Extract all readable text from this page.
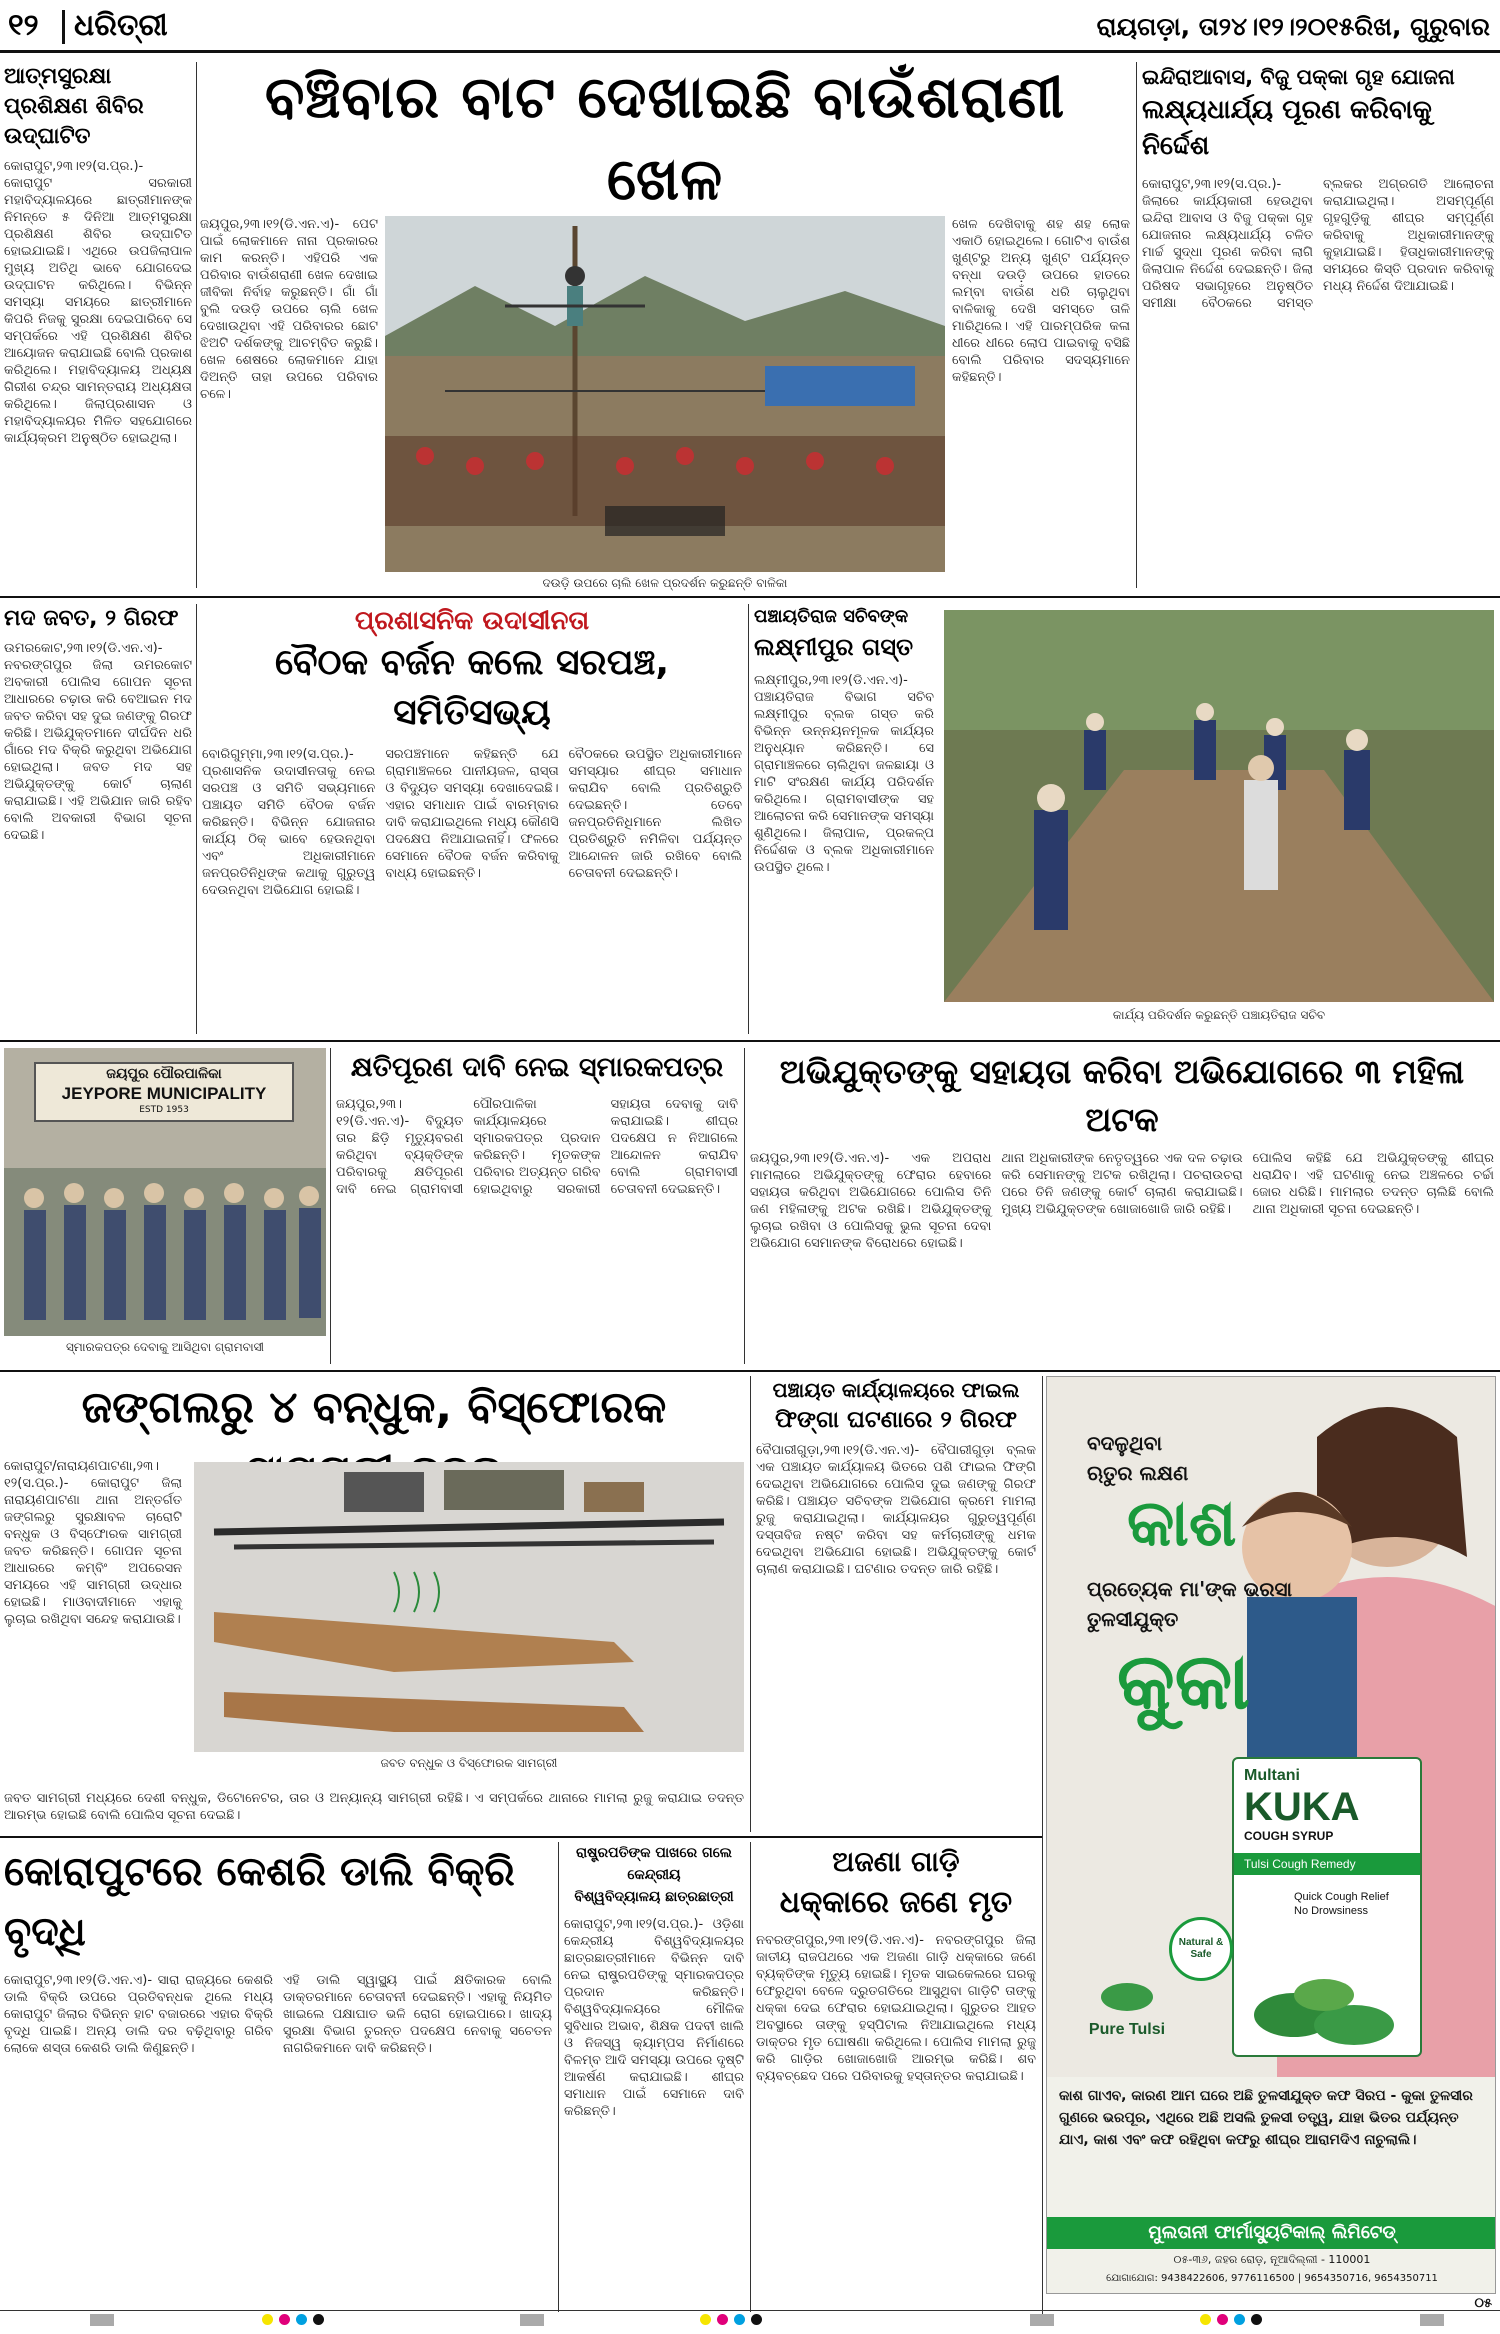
୧୨ ଧରିତ୍ରୀ	ରାୟଗଡ଼ା, ତା୨୪।୧୨।୨୦୧୫ରିଖ, ଗୁରୁବାର
ଆତ୍ମସୁରକ୍ଷା ପ୍ରଶିକ୍ଷଣ ଶିବିର ଉଦ୍‌ଘାଟିତ
କୋରାପୁଟ,୨୩।୧୨(ସ.ପ୍ର.)- କୋରାପୁଟ ସରକାରୀ ମହାବିଦ୍ୟାଳୟରେ ଛାତ୍ରୀମାନଙ୍କ ନିମନ୍ତେ ୫ ଦିନିଆ ଆତ୍ମସୁରକ୍ଷା ପ୍ରଶିକ୍ଷଣ ଶିବିର ଉଦ୍‌ଘାଟିତ ହୋଇଯାଇଛି। ଏଥିରେ ଉପଜିଲାପାଳ ମୁଖ୍ୟ ଅତିଥି ଭାବେ ଯୋଗଦେଇ ଉଦ୍‌ଘାଟନ କରିଥିଲେ। ବିଭିନ୍ନ ସମସ୍ୟା ସମୟରେ ଛାତ୍ରୀମାନେ କିପରି ନିଜକୁ ସୁରକ୍ଷା ଦେଇପାରିବେ ସେ ସମ୍ପର୍କରେ ଏହି ପ୍ରଶିକ୍ଷଣ ଶିବିର ଆୟୋଜନ କରାଯାଇଛି ବୋଲି ପ୍ରକାଶ କରିଥିଲେ। ମହାବିଦ୍ୟାଳୟ ଅଧ୍ୟକ୍ଷ ଗିରୀଶ ଚନ୍ଦ୍ର ସାମନ୍ତରାୟ ଅଧ୍ୟକ୍ଷତା କରିଥିଲେ। ଜିଲାପ୍ରଶାସନ ଓ ମହାବିଦ୍ୟାଳୟର ମିଳିତ ସହଯୋଗରେ କାର୍ଯ୍ୟକ୍ରମ ଅନୁଷ୍ଠିତ ହୋଇଥିଲା।
ବଞ୍ଚିବାର ବାଟ ଦେଖାଇଛି ବାଉଁଶରାଣୀ ଖେଳ
ଜୟପୁର,୨୩।୧୨(ଡି.ଏନ.ଏ)- ପେଟ ପାଇଁ ଲୋକମାନେ ନାନା ପ୍ରକାରର କାମ କରନ୍ତି। ଏହିପରି ଏକ ପରିବାର ବାଉଁଶରାଣୀ ଖେଳ ଦେଖାଇ ଜୀବିକା ନିର୍ବାହ କରୁଛନ୍ତି। ଗାଁ ଗାଁ ବୁଲି ଦଉଡ଼ି ଉପରେ ଚାଲି ଖେଳ ଦେଖାଉଥିବା ଏହି ପରିବାରର ଛୋଟ ଝିଅଟି ଦର୍ଶକଙ୍କୁ ଆଚମ୍ବିତ କରୁଛି। ଖେଳ ଶେଷରେ ଲୋକମାନେ ଯାହା ଦିଅନ୍ତି ତାହା ଉପରେ ପରିବାର ଚଳେ।
ଦଉଡ଼ି ଉପରେ ଚାଲି ଖେଳ ପ୍ରଦର୍ଶନ କରୁଛନ୍ତି ବାଳିକା
ଖେଳ ଦେଖିବାକୁ ଶହ ଶହ ଲୋକ ଏକାଠି ହୋଇଥିଲେ। ଗୋଟିଏ ବାଉଁଶ ଖୁଣ୍ଟରୁ ଅନ୍ୟ ଖୁଣ୍ଟ ପର୍ଯ୍ୟନ୍ତ ବନ୍ଧା ଦଉଡ଼ି ଉପରେ ହାତରେ ଲମ୍ବା ବାଉଁଶ ଧରି ଚାଲୁଥିବା ବାଳିକାକୁ ଦେଖି ସମସ୍ତେ ତାଳି ମାରିଥିଲେ। ଏହି ପାରମ୍ପରିକ କଳା ଧୀରେ ଧୀରେ ଲୋପ ପାଇବାକୁ ବସିଛି ବୋଲି ପରିବାର ସଦସ୍ୟମାନେ କହିଛନ୍ତି।
ଇନ୍ଦିରାଆବାସ, ବିଜୁ ପକ୍କା ଗୃହ ଯୋଜନା
ଲକ୍ଷ୍ୟଧାର୍ଯ୍ୟ ପୂରଣ କରିବାକୁ ନିର୍ଦ୍ଦେଶ
କୋରାପୁଟ,୨୩।୧୨(ସ.ପ୍ର.)- ଜିଲାରେ କାର୍ଯ୍ୟକାରୀ ହେଉଥିବା ଇନ୍ଦିରା ଆବାସ ଓ ବିଜୁ ପକ୍କା ଗୃହ ଯୋଜନାର ଲକ୍ଷ୍ୟଧାର୍ଯ୍ୟ ଚଳିତ ମାର୍ଚ୍ଚ ସୁଦ୍ଧା ପୂରଣ କରିବା ଲାଗି ଜିଲାପାଳ ନିର୍ଦ୍ଦେଶ ଦେଇଛନ୍ତି। ଜିଲା ପରିଷଦ ସଭାଗୃହରେ ଅନୁଷ୍ଠିତ ସମୀକ୍ଷା ବୈଠକରେ ସମସ୍ତ ବ୍ଲକର ଅଗ୍ରଗତି ଆଲୋଚନା କରାଯାଇଥିଲା। ଅସମ୍ପୂର୍ଣ୍ଣ ଗୃହଗୁଡ଼ିକୁ ଶୀଘ୍ର ସମ୍ପୂର୍ଣ୍ଣ କରିବାକୁ ଅଧିକାରୀମାନଙ୍କୁ କୁହାଯାଇଛି। ହିତାଧିକାରୀମାନଙ୍କୁ ସମୟରେ କିସ୍ତି ପ୍ରଦାନ କରିବାକୁ ମଧ୍ୟ ନିର୍ଦ୍ଦେଶ ଦିଆଯାଇଛି।
ମଦ ଜବତ, ୨ ଗିରଫ
ଉମରକୋଟ,୨୩।୧୨(ଡି.ଏନ.ଏ)- ନବରଙ୍ଗପୁର ଜିଲା ଉମରକୋଟ ଅବକାରୀ ପୋଲିସ ଗୋପନ ସୂଚନା ଆଧାରରେ ଚଢ଼ାଉ କରି ବେଆଇନ ମଦ ଜବତ କରିବା ସହ ଦୁଇ ଜଣଙ୍କୁ ଗିରଫ କରିଛି। ଅଭିଯୁକ୍ତମାନେ ଦୀର୍ଘଦିନ ଧରି ଗାଁରେ ମଦ ବିକ୍ରି କରୁଥିବା ଅଭିଯୋଗ ହୋଇଥିଲା। ଜବତ ମଦ ସହ ଅଭିଯୁକ୍ତଙ୍କୁ କୋର୍ଟ ଚାଲାଣ କରାଯାଇଛି। ଏହି ଅଭିଯାନ ଜାରି ରହିବ ବୋଲି ଅବକାରୀ ବିଭାଗ ସୂଚନା ଦେଇଛି।
ପ୍ରଶାସନିକ ଉଦାସୀନତା
ବୈଠକ ବର୍ଜନ କଲେ ସରପଞ୍ଚ, ସମିତିସଭ୍ୟ
ବୋରିଗୁମ୍ମା,୨୩।୧୨(ସ.ପ୍ର.)- ପ୍ରଶାସନିକ ଉଦାସୀନତାକୁ ନେଇ ସରପଞ୍ଚ ଓ ସମିତି ସଭ୍ୟମାନେ ପଞ୍ଚାୟତ ସମିତି ବୈଠକ ବର୍ଜନ କରିଛନ୍ତି। ବିଭିନ୍ନ ଯୋଜନାର କାର୍ଯ୍ୟ ଠିକ୍ ଭାବେ ହେଉନଥିବା ଏବଂ ଅଧିକାରୀମାନେ ଜନପ୍ରତିନିଧିଙ୍କ କଥାକୁ ଗୁରୁତ୍ୱ ଦେଉନଥିବା ଅଭିଯୋଗ ହୋଇଛି।
ସରପଞ୍ଚମାନେ କହିଛନ୍ତି ଯେ ଗ୍ରାମାଞ୍ଚଳରେ ପାନୀୟଜଳ, ରାସ୍ତା ଓ ବିଦ୍ୟୁତ ସମସ୍ୟା ଦେଖାଦେଇଛି। ଏହାର ସମାଧାନ ପାଇଁ ବାରମ୍ବାର ଦାବି କରାଯାଇଥିଲେ ମଧ୍ୟ କୌଣସି ପଦକ୍ଷେପ ନିଆଯାଇନାହିଁ। ଫଳରେ ସେମାନେ ବୈଠକ ବର୍ଜନ କରିବାକୁ ବାଧ୍ୟ ହୋଇଛନ୍ତି।
ବୈଠକରେ ଉପସ୍ଥିତ ଅଧିକାରୀମାନେ ସମସ୍ୟାର ଶୀଘ୍ର ସମାଧାନ କରାଯିବ ବୋଲି ପ୍ରତିଶ୍ରୁତି ଦେଇଛନ୍ତି। ତେବେ ଜନପ୍ରତିନିଧିମାନେ ଲିଖିତ ପ୍ରତିଶ୍ରୁତି ନମିଳିବା ପର୍ଯ୍ୟନ୍ତ ଆନ୍ଦୋଳନ ଜାରି ରଖିବେ ବୋଲି ଚେତାବନୀ ଦେଇଛନ୍ତି।
ପଞ୍ଚାୟତିରାଜ ସଚିବଙ୍କ
ଲକ୍ଷ୍ମୀପୁର ଗସ୍ତ
ଲକ୍ଷ୍ମୀପୁର,୨୩।୧୨(ଡି.ଏନ.ଏ)- ପଞ୍ଚାୟତିରାଜ ବିଭାଗ ସଚିବ ଲକ୍ଷ୍ମୀପୁର ବ୍ଲକ ଗସ୍ତ କରି ବିଭିନ୍ନ ଉନ୍ନୟନମୂଳକ କାର୍ଯ୍ୟର ଅନୁଧ୍ୟାନ କରିଛନ୍ତି। ସେ ଗ୍ରାମାଞ୍ଚଳରେ ଚାଲିଥିବା ଜଳଛାୟା ଓ ମାଟି ସଂରକ୍ଷଣ କାର୍ଯ୍ୟ ପରିଦର୍ଶନ କରିଥିଲେ। ଗ୍ରାମବାସୀଙ୍କ ସହ ଆଲୋଚନା କରି ସେମାନଙ୍କ ସମସ୍ୟା ଶୁଣିଥିଲେ। ଜିଲାପାଳ, ପ୍ରକଳ୍ପ ନିର୍ଦ୍ଦେଶକ ଓ ବ୍ଲକ ଅଧିକାରୀମାନେ ଉପସ୍ଥିତ ଥିଲେ।
କାର୍ଯ୍ୟ ପରିଦର୍ଶନ କରୁଛନ୍ତି ପଞ୍ଚାୟତିରାଜ ସଚିବ
ଜୟପୁର ପୌରପାଳିକା
JEYPORE MUNICIPALITY
ESTD 1953
ସ୍ମାରକପତ୍ର ଦେବାକୁ ଆସିଥିବା ଗ୍ରାମବାସୀ
କ୍ଷତିପୂରଣ ଦାବି ନେଇ ସ୍ମାରକପତ୍ର
ଜୟପୁର,୨୩।୧୨(ଡି.ଏନ.ଏ)- ବିଦ୍ୟୁତ ତାର ଛିଡ଼ି ମୃତ୍ୟୁବରଣ କରିଥିବା ବ୍ୟକ୍ତିଙ୍କ ପରିବାରକୁ କ୍ଷତିପୂରଣ ଦାବି ନେଇ ଗ୍ରାମବାସୀ ପୌରପାଳିକା କାର୍ଯ୍ୟାଳୟରେ ସ୍ମାରକପତ୍ର ପ୍ରଦାନ କରିଛନ୍ତି। ମୃତକଙ୍କ ପରିବାର ଅତ୍ୟନ୍ତ ଗରିବ ହୋଇଥିବାରୁ ସରକାରୀ ସହାୟତା ଦେବାକୁ ଦାବି କରାଯାଇଛି। ଶୀଘ୍ର ପଦକ୍ଷେପ ନ ନିଆଗଲେ ଆନ୍ଦୋଳନ କରାଯିବ ବୋଲି ଗ୍ରାମବାସୀ ଚେତାବନୀ ଦେଇଛନ୍ତି।
ଅଭିଯୁକ୍ତଙ୍କୁ ସହାୟତା କରିବା ଅଭିଯୋଗରେ ୩ ମହିଳା ଅଟକ
ଜୟପୁର,୨୩।୧୨(ଡି.ଏନ.ଏ)- ଏକ ଅପରାଧ ମାମଲାରେ ଅଭିଯୁକ୍ତଙ୍କୁ ଫେରାର ହେବାରେ ସହାୟତା କରିଥିବା ଅଭିଯୋଗରେ ପୋଲିସ ତିନି ଜଣ ମହିଳାଙ୍କୁ ଅଟକ ରଖିଛି। ଅଭିଯୁକ୍ତଙ୍କୁ ଲୁଚାଇ ରଖିବା ଓ ପୋଲିସକୁ ଭୁଲ ସୂଚନା ଦେବା ଅଭିଯୋଗ ସେମାନଙ୍କ ବିରୋଧରେ ହୋଇଛି।
ଥାନା ଅଧିକାରୀଙ୍କ ନେତୃତ୍ୱରେ ଏକ ଦଳ ଚଢ଼ାଉ କରି ସେମାନଙ୍କୁ ଅଟକ ରଖିଥିଲା। ପଚରାଉଚରା ପରେ ତିନି ଜଣଙ୍କୁ କୋର୍ଟ ଚାଲାଣ କରାଯାଇଛି। ମୁଖ୍ୟ ଅଭିଯୁକ୍ତଙ୍କ ଖୋଜାଖୋଜି ଜାରି ରହିଛି।
ପୋଲିସ କହିଛି ଯେ ଅଭିଯୁକ୍ତଙ୍କୁ ଶୀଘ୍ର ଧରାଯିବ। ଏହି ଘଟଣାକୁ ନେଇ ଅଞ୍ଚଳରେ ଚର୍ଚ୍ଚା ଜୋର ଧରିଛି। ମାମଲାର ତଦନ୍ତ ଚାଲିଛି ବୋଲି ଥାନା ଅଧିକାରୀ ସୂଚନା ଦେଇଛନ୍ତି।
ଜଙ୍ଗଲରୁ ୪ ବନ୍ଧୁକ, ବିସ୍ଫୋରକ
କୋରାପୁଟ/ନାରାୟଣପାଟଣା,୨୩।୧୨(ସ.ପ୍ର.)- କୋରାପୁଟ ଜିଲା ନାରାୟଣପାଟଣା ଥାନା ଅନ୍ତର୍ଗତ ଜଙ୍ଗଲରୁ ସୁରକ୍ଷାବଳ ଚାରୋଟି ବନ୍ଧୁକ ଓ ବିସ୍ଫୋରକ ସାମଗ୍ରୀ ଜବତ କରିଛନ୍ତି। ଗୋପନ ସୂଚନା ଆଧାରରେ କମ୍ବିଂ ଅପରେସନ ସମୟରେ ଏହି ସାମଗ୍ରୀ ଉଦ୍ଧାର ହୋଇଛି। ମାଓବାଦୀମାନେ ଏହାକୁ ଲୁଚାଇ ରଖିଥିବା ସନ୍ଦେହ କରାଯାଉଛି।
ଜବତ ବନ୍ଧୁକ ଓ ବିସ୍ଫୋରକ ସାମଗ୍ରୀ
ଜବତ ସାମଗ୍ରୀ ମଧ୍ୟରେ ଦେଶୀ ବନ୍ଧୁକ, ଡିଟୋନେଟର, ତାର ଓ ଅନ୍ୟାନ୍ୟ ସାମଗ୍ରୀ ରହିଛି। ଏ ସମ୍ପର୍କରେ ଥାନାରେ ମାମଲା ରୁଜୁ କରାଯାଇ ତଦନ୍ତ ଆରମ୍ଭ ହୋଇଛି ବୋଲି ପୋଲିସ ସୂଚନା ଦେଇଛି।
ପଞ୍ଚାୟତ କାର୍ଯ୍ୟାଳୟରେ ଫାଇଲ
ଫିଙ୍ଗା ଘଟଣାରେ ୨ ଗିରଫ
ବୈପାରୀଗୁଡ଼ା,୨୩।୧୨(ଡି.ଏନ.ଏ)- ବୈପାରୀଗୁଡ଼ା ବ୍ଲକ ଏକ ପଞ୍ଚାୟତ କାର୍ଯ୍ୟାଳୟ ଭିତରେ ପଶି ଫାଇଲ ଫିଙ୍ଗି ଦେଇଥିବା ଅଭିଯୋଗରେ ପୋଲିସ ଦୁଇ ଜଣଙ୍କୁ ଗିରଫ କରିଛି। ପଞ୍ଚାୟତ ସଚିବଙ୍କ ଅଭିଯୋଗ କ୍ରମେ ମାମଲା ରୁଜୁ କରାଯାଇଥିଲା। କାର୍ଯ୍ୟାଳୟର ଗୁରୁତ୍ୱପୂର୍ଣ୍ଣ ଦସ୍ତାବିଜ ନଷ୍ଟ କରିବା ସହ କର୍ମଚାରୀଙ୍କୁ ଧମକ ଦେଇଥିବା ଅଭିଯୋଗ ହୋଇଛି। ଅଭିଯୁକ୍ତଙ୍କୁ କୋର୍ଟ ଚାଲାଣ କରାଯାଇଛି। ଘଟଣାର ତଦନ୍ତ ଜାରି ରହିଛି।
ବଦଳୁଥିବା
ଋତୁର ଲକ୍ଷଣ
କାଶ
ପ୍ରତ୍ୟେକ ମା'ଙ୍କ ଭରସା
ତୁଳସୀଯୁକ୍ତ
କୁକା
Multani
KUKA
COUGH SYRUP
Tulsi Cough Remedy
Quick Cough Relief
No Drowsiness
Pure Tulsi
Natural & Safe
କାଶ ଗାଏବ, କାରଣ ଆମ ଘରେ ଅଛି ତୁଳସୀଯୁକ୍ତ କଫ ସିରପ - କୁକା ତୁଳସୀର ଗୁଣରେ ଭରପୂର, ଏଥିରେ ଅଛି ଅସଲି ତୁଳସୀ ତତ୍ତ୍ୱ, ଯାହା ଭିତର ପର୍ଯ୍ୟନ୍ତ ଯାଏ, କାଶ ଏବଂ କଫ ରହିଥିବା କଫରୁ ଶୀଘ୍ର ଆରାମଦିଏ ନାଚୁଲାଲି।
ମୁଲତାନୀ ଫାର୍ମାସ୍ୟୁଟିକାଲ୍ ଲିମିଟେଡ୍
୦୫-୩୬, ଜହର ରୋଡ଼, ନୂଆଦିଲ୍ଲୀ - 110001
ଯୋଗାଯୋଗ: 9438422606, 9776116500 | 9654350716, 9654350711
କୋରାପୁଟରେ କେଶରି ଡାଲି ବିକ୍ରି ବୃଦ୍ଧି
କୋରାପୁଟ,୨୩।୧୨(ଡି.ଏନ.ଏ)- ସାରା ରାଜ୍ୟରେ କେଶରି ଡାଲି ବିକ୍ରି ଉପରେ ପ୍ରତିବନ୍ଧକ ଥିଲେ ମଧ୍ୟ କୋରାପୁଟ ଜିଲାର ବିଭିନ୍ନ ହାଟ ବଜାରରେ ଏହାର ବିକ୍ରି ବୃଦ୍ଧି ପାଇଛି। ଅନ୍ୟ ଡାଲି ଦର ବଢ଼ିଥିବାରୁ ଗରିବ ଲୋକେ ଶସ୍ତା କେଶରି ଡାଲି କିଣୁଛନ୍ତି।
ଏହି ଡାଲି ସ୍ୱାସ୍ଥ୍ୟ ପାଇଁ କ୍ଷତିକାରକ ବୋଲି ଡାକ୍ତରମାନେ ଚେତାବନୀ ଦେଇଛନ୍ତି। ଏହାକୁ ନିୟମିତ ଖାଇଲେ ପକ୍ଷାଘାତ ଭଳି ରୋଗ ହୋଇପାରେ। ଖାଦ୍ୟ ସୁରକ୍ଷା ବିଭାଗ ତୁରନ୍ତ ପଦକ୍ଷେପ ନେବାକୁ ସଚେତନ ନାଗରିକମାନେ ଦାବି କରିଛନ୍ତି।
ରାଷ୍ଟ୍ରପତିଙ୍କ ପାଖରେ ଗଲେ କେନ୍ଦ୍ରୀୟ
ବିଶ୍ୱବିଦ୍ୟାଳୟ ଛାତ୍ରଛାତ୍ରୀ
କୋରାପୁଟ,୨୩।୧୨(ସ.ପ୍ର.)- ଓଡ଼ିଶା କେନ୍ଦ୍ରୀୟ ବିଶ୍ୱବିଦ୍ୟାଳୟର ଛାତ୍ରଛାତ୍ରୀମାନେ ବିଭିନ୍ନ ଦାବି ନେଇ ରାଷ୍ଟ୍ରପତିଙ୍କୁ ସ୍ମାରକପତ୍ର ପ୍ରଦାନ କରିଛନ୍ତି। ବିଶ୍ୱବିଦ୍ୟାଳୟରେ ମୌଳିକ ସୁବିଧାର ଅଭାବ, ଶିକ୍ଷକ ପଦବୀ ଖାଲି ଓ ନିଜସ୍ୱ କ୍ୟାମ୍ପସ ନିର୍ମାଣରେ ବିଳମ୍ବ ଆଦି ସମସ୍ୟା ଉପରେ ଦୃଷ୍ଟି ଆକର୍ଷଣ କରାଯାଇଛି। ଶୀଘ୍ର ସମାଧାନ ପାଇଁ ସେମାନେ ଦାବି କରିଛନ୍ତି।
ଅଜଣା ଗାଡ଼ି
ଧକ୍କାରେ ଜଣେ ମୃତ
ନବରଙ୍ଗପୁର,୨୩।୧୨(ଡି.ଏନ.ଏ)- ନବରଙ୍ଗପୁର ଜିଲା ଜାତୀୟ ରାଜପଥରେ ଏକ ଅଜଣା ଗାଡ଼ି ଧକ୍କାରେ ଜଣେ ବ୍ୟକ୍ତିଙ୍କ ମୃତ୍ୟୁ ହୋଇଛି। ମୃତକ ସାଇକେଲରେ ଘରକୁ ଫେରୁଥିବା ବେଳେ ଦ୍ରୁତଗତିରେ ଆସୁଥିବା ଗାଡ଼ିଟି ତାଙ୍କୁ ଧକ୍କା ଦେଇ ଫେରାର ହୋଇଯାଇଥିଲା। ଗୁରୁତର ଆହତ ଅବସ୍ଥାରେ ତାଙ୍କୁ ହସ୍ପିଟାଲ ନିଆଯାଇଥିଲେ ମଧ୍ୟ ଡାକ୍ତର ମୃତ ଘୋଷଣା କରିଥିଲେ। ପୋଲିସ ମାମଲା ରୁଜୁ କରି ଗାଡ଼ିର ଖୋଜାଖୋଜି ଆରମ୍ଭ କରିଛି। ଶବ ବ୍ୟବଚ୍ଛେଦ ପରେ ପରିବାରକୁ ହସ୍ତାନ୍ତର କରାଯାଇଛି।
୦୫
